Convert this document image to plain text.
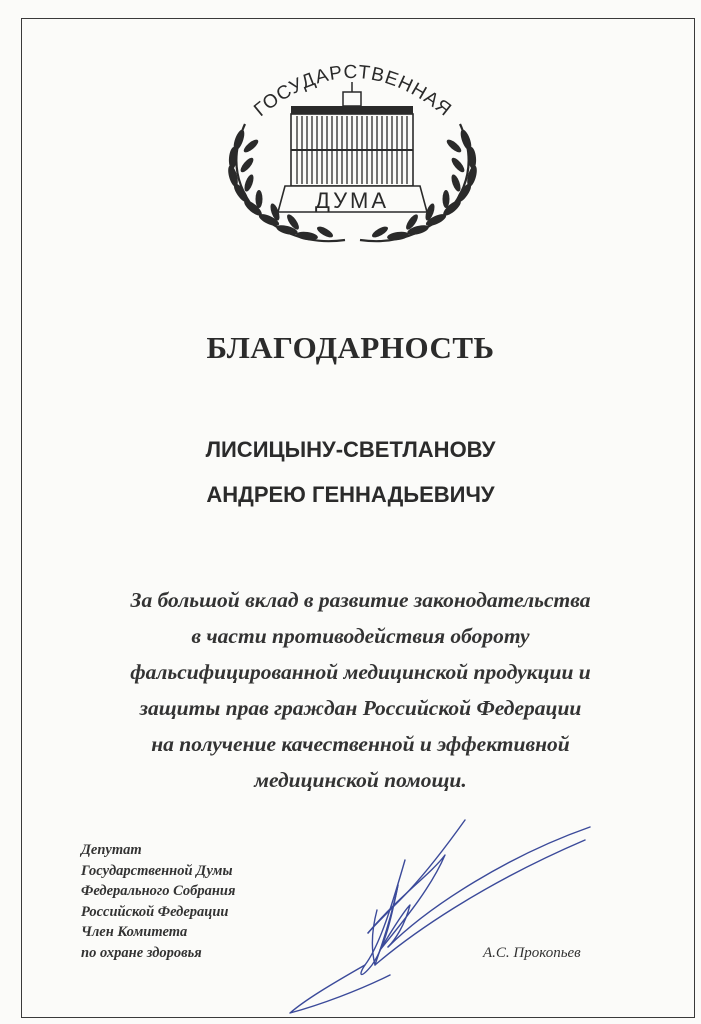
ГОСУДАРСТВЕННАЯ
ДУМА
БЛАГОДАРНОСТЬ
ЛИСИЦЫНУ-СВЕТЛАНОВУ
АНДРЕЮ ГЕННАДЬЕВИЧУ
За большой вклад в развитие законодательства
в части противодействия обороту
фальсифицированной медицинской продукции и
защиты прав граждан Российской Федерации
на получение качественной и эффективной
медицинской помощи.
Депутат
Государственной Думы
Федерального Собрания
Российской Федерации
Член Комитета
по охране здоровья	А.С. Прокопьев
